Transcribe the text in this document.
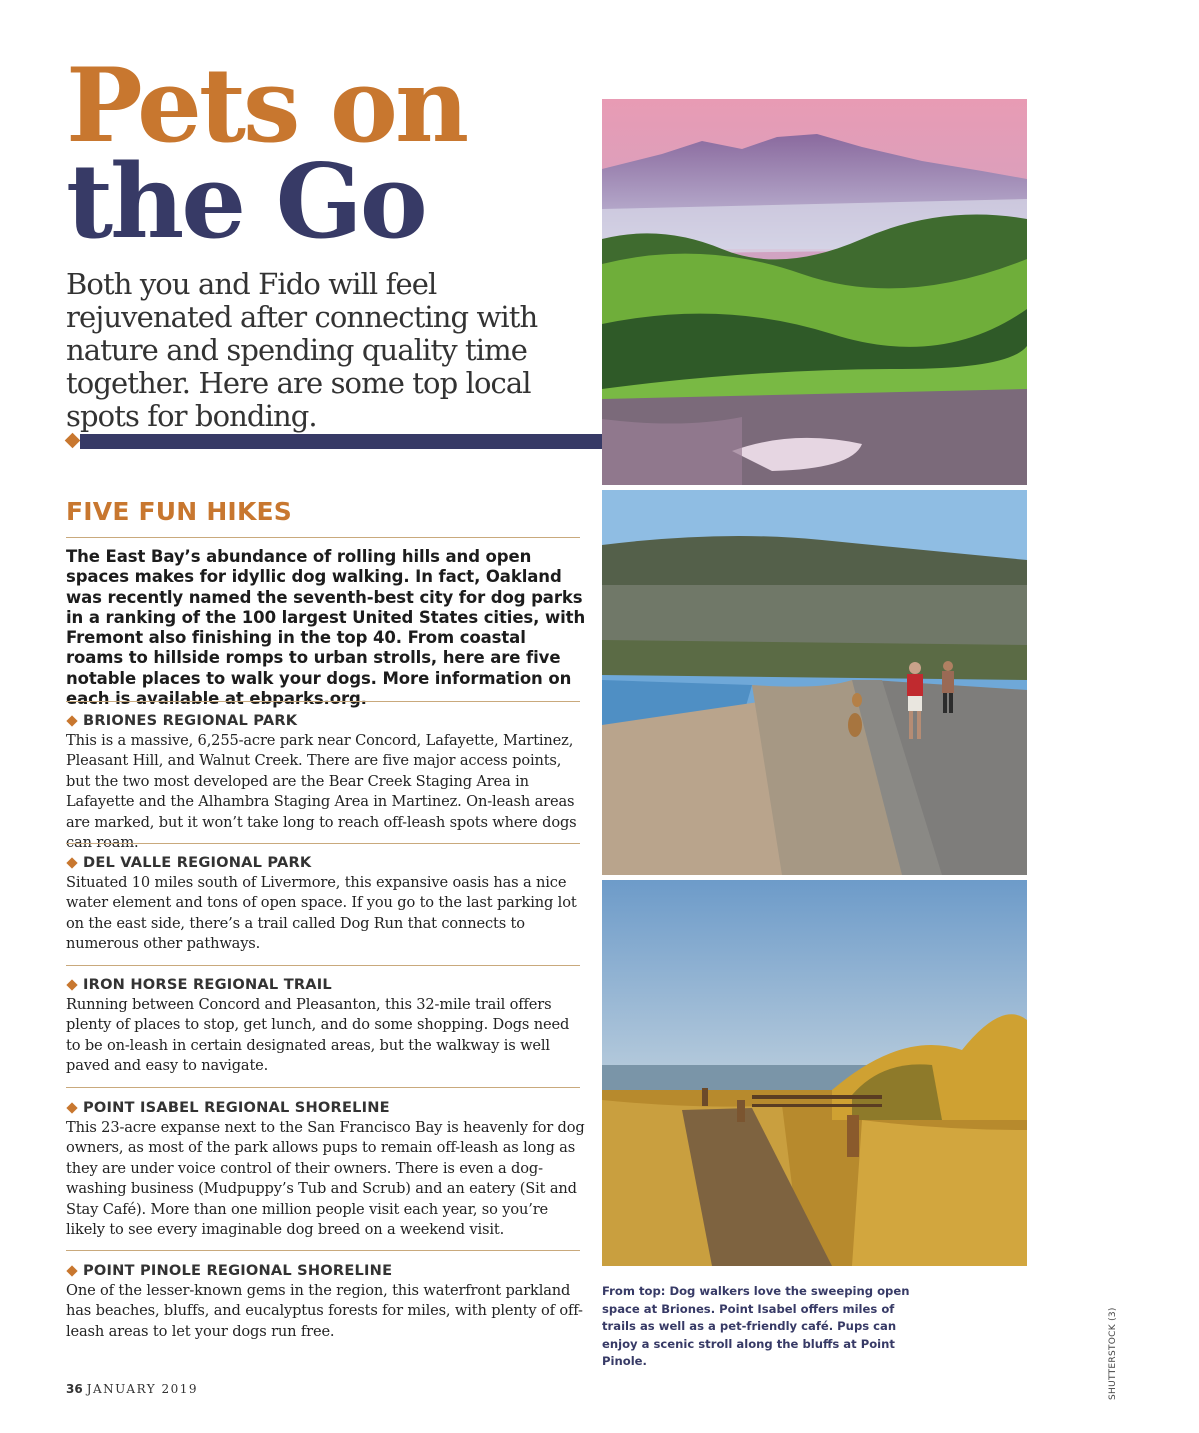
Pets on
the Go

Both you and Fido will feel rejuvenated after connecting with nature and spending quality time together. Here are some top local spots for bonding.

FIVE FUN HIKES

The East Bay’s abundance of rolling hills and open spaces makes for idyllic dog walking. In fact, Oakland was recently named the seventh-best city for dog parks in a ranking of the 100 largest United States cities, with Fremont also finishing in the top 40. From coastal roams to hillside romps to urban strolls, here are five notable places to walk your dogs. More information on each is available at ebparks.org.

BRIONES REGIONAL PARK

This is a massive, 6,255-acre park near Concord, Lafayette, Martinez, Pleasant Hill, and Walnut Creek. There are five major access points, but the two most developed are the Bear Creek Staging Area in Lafayette and the Alhambra Staging Area in Martinez. On-leash areas are marked, but it won’t take long to reach off-leash spots where dogs can roam.

DEL VALLE REGIONAL PARK

Situated 10 miles south of Livermore, this expansive oasis has a nice water element and tons of open space. If you go to the last parking lot on the east side, there’s a trail called Dog Run that connects to numerous other pathways.

IRON HORSE REGIONAL TRAIL

Running between Concord and Pleasanton, this 32-mile trail offers plenty of places to stop, get lunch, and do some shopping. Dogs need to be on-leash in certain designated areas, but the walkway is well paved and easy to navigate.

POINT ISABEL REGIONAL SHORELINE

This 23-acre expanse next to the San Francisco Bay is heavenly for dog owners, as most of the park allows pups to remain off-leash as long as they are under voice control of their owners. There is even a dog-washing business (Mudpuppy’s Tub and Scrub) and an eatery (Sit and Stay Café). More than one million people visit each year, so you’re likely to see every imaginable dog breed on a weekend visit.

POINT PINOLE REGIONAL SHORELINE

One of the lesser-known gems in the region, this waterfront parkland has beaches, bluffs, and eucalyptus forests for miles, with plenty of off-leash areas to let your dogs run free.

From top: Dog walkers love the sweeping open space at Briones. Point Isabel offers miles of trails as well as a pet-friendly café. Pups can enjoy a scenic stroll along the bluffs at Point Pinole.	SHUTTERSTOCK (3)

36 JANUARY 2019
